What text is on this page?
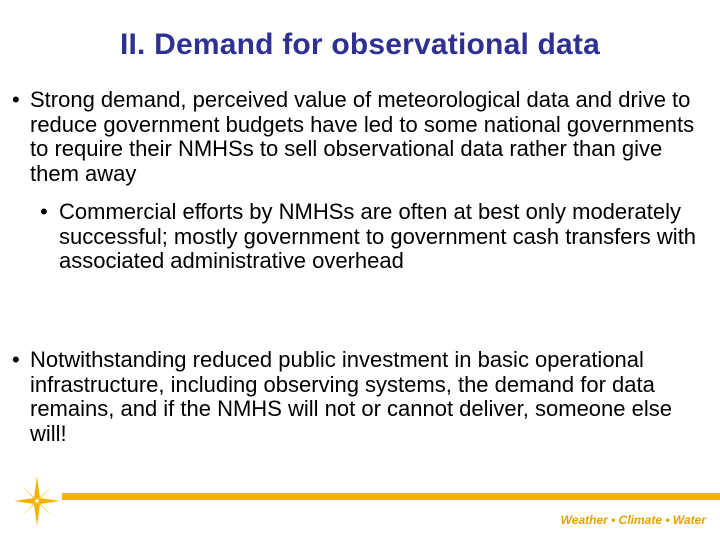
II. Demand for observational data
• Strong demand, perceived value of meteorological data and drive to reduce government budgets have led to some national governments to require their NMHSs to sell observational data rather than give them away
• Commercial efforts by NMHSs are often at best only moderately successful; mostly government to government cash transfers with associated administrative overhead
• Notwithstanding reduced public investment in basic operational infrastructure, including observing systems, the demand for data remains, and if the NMHS will not or cannot deliver, someone else will!
Weather • Climate • Water
